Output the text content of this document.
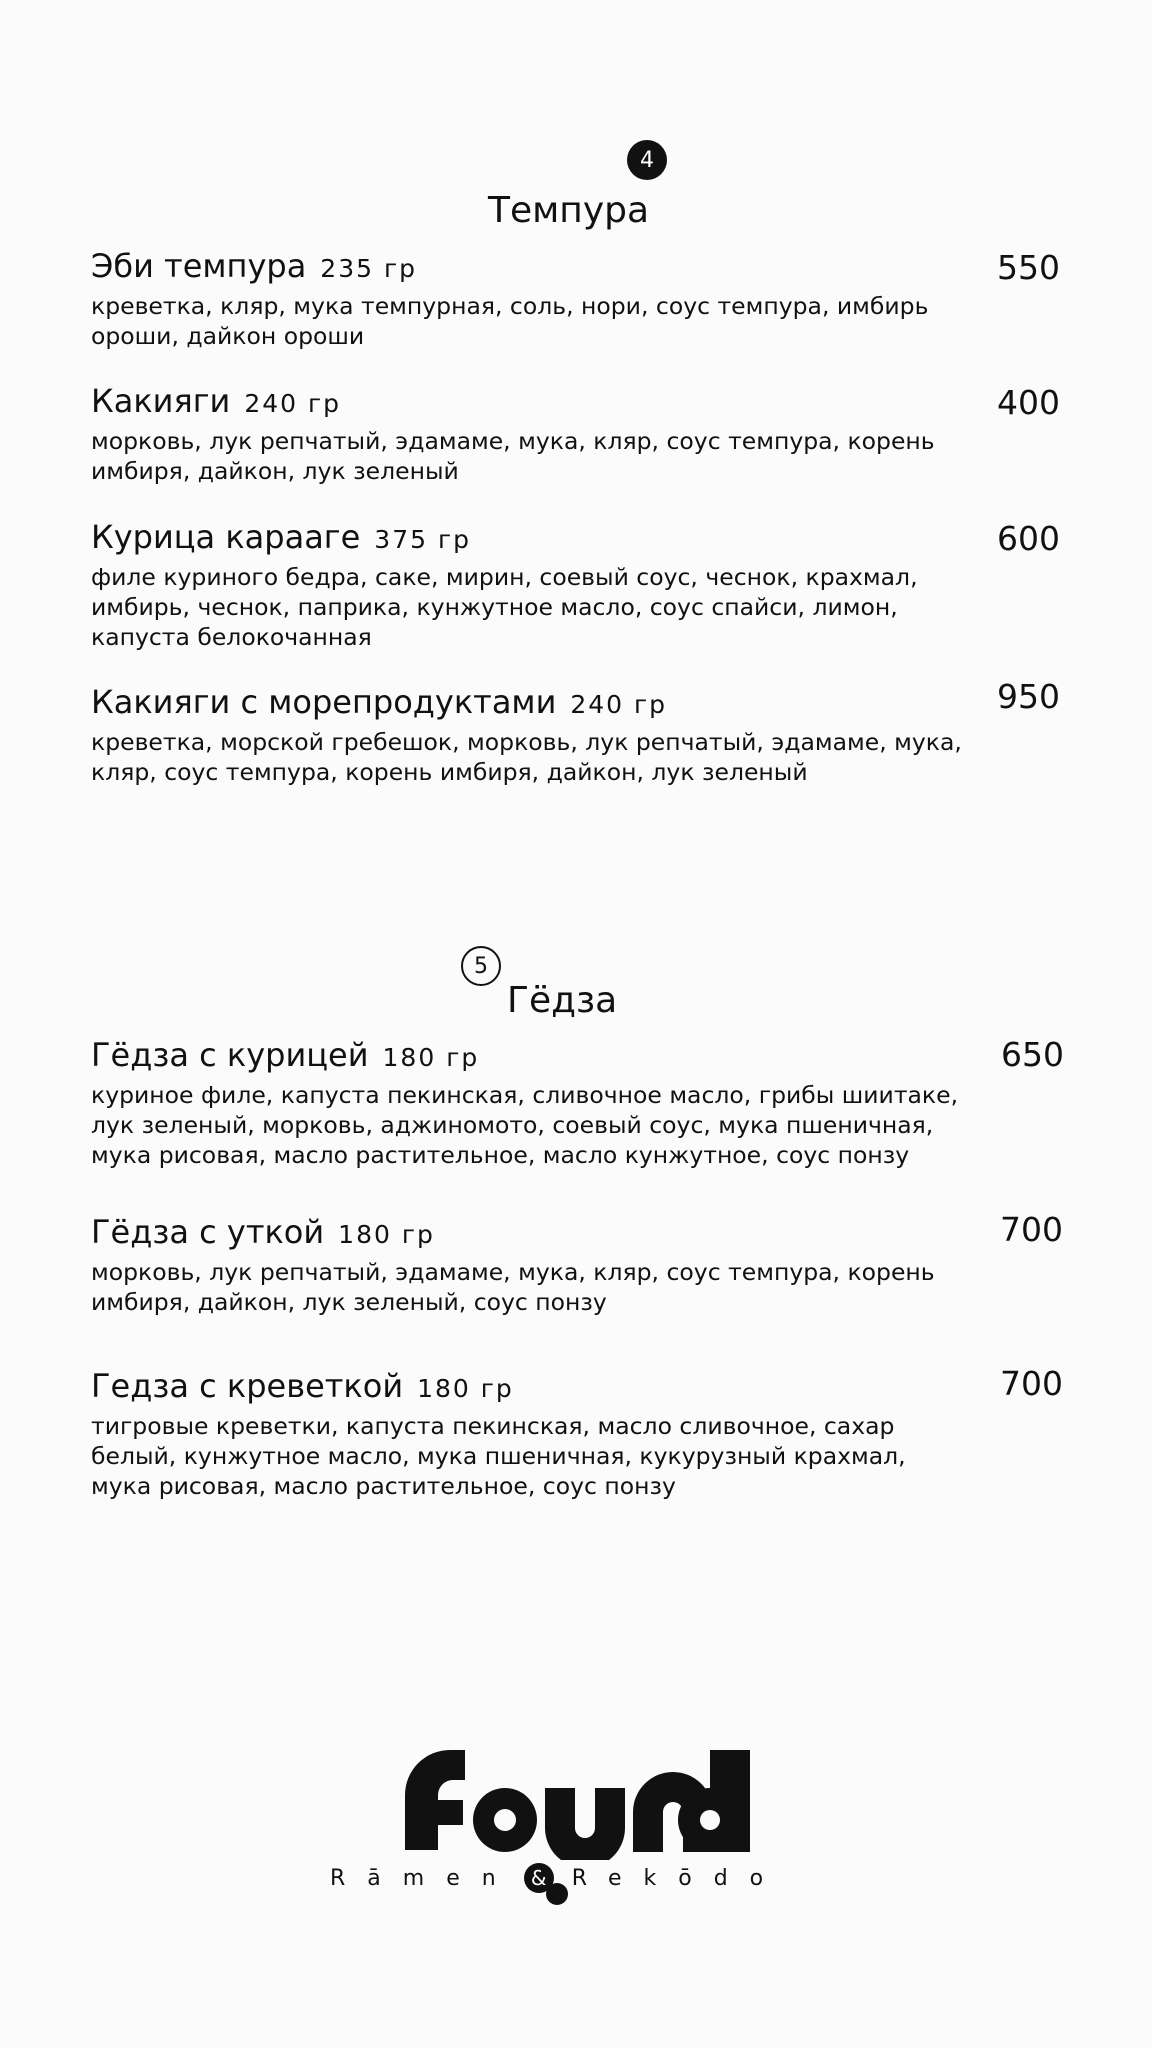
4
Темпура
Эби темпура 235 гр
креветка, кляр, мука темпурная, соль, нори, соус темпура, имбирь
ороши, дайкон ороши
550
Какияги 240 гр
морковь, лук репчатый, эдамаме, мука, кляр, соус темпура, корень
имбиря, дайкон, лук зеленый
400
Курица карааге 375 гр
филе куриного бедра, саке, мирин, соевый соус, чеснок, крахмал,
имбирь, чеснок, паприка, кунжутное масло, соус спайси, лимон,
капуста белокочанная
600
Какияги с морепродуктами 240 гр
креветка, морской гребешок, морковь, лук репчатый, эдамаме, мука,
кляр, соус темпура, корень имбиря, дайкон, лук зеленый
950
5
Гёдза
Гёдза с курицей 180 гр
куриное филе, капуста пекинская, сливочное масло, грибы шиитаке,
лук зеленый, морковь, аджиномото, соевый соус, мука пшеничная,
мука рисовая, масло растительное, масло кунжутное, соус понзу
650
Гёдза с уткой 180 гр
морковь, лук репчатый, эдамаме, мука, кляр, соус темпура, корень
имбиря, дайкон, лук зеленый, соус понзу
700
Гедза с креветкой 180 гр
тигровые креветки, капуста пекинская, масло сливочное, сахар
белый, кунжутное масло, мука пшеничная, кукурузный крахмал,
мука рисовая, масло растительное, соус понзу
700
Rāmen & Rekōdo
